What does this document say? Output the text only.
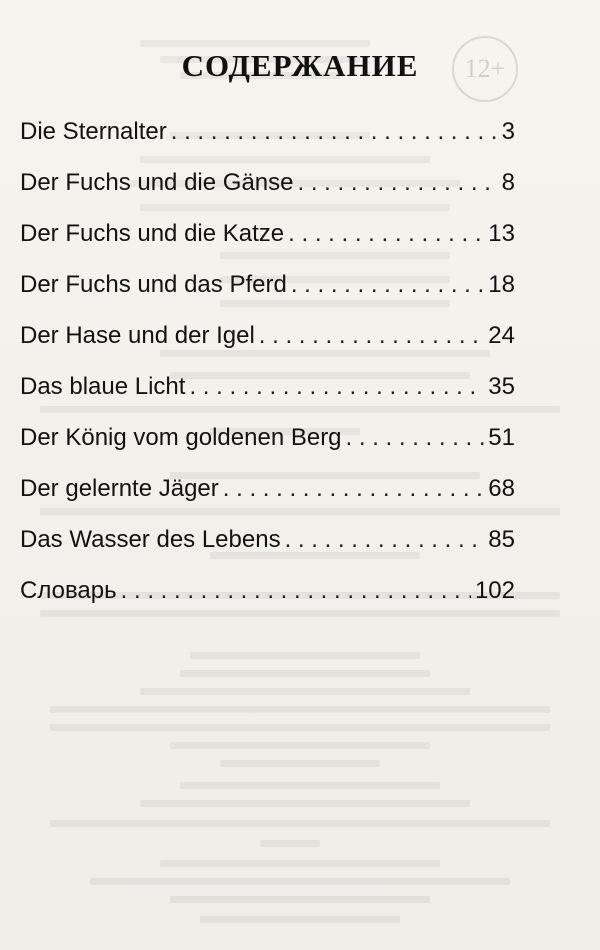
12+
СОДЕРЖАНИЕ
Die Sternalter . . .	3
Der Fuchs und die Gänse . . .	8
Der Fuchs und die Katze . . .	13
Der Fuchs und das Pferd . . .	18
Der Hase und der Igel . . .	24
Das blaue Licht . . .	35
Der König vom goldenen Berg . . .	51
Der gelernte Jäger . . .	68
Das Wasser des Lebens . . .	85
Словарь . . .	102
